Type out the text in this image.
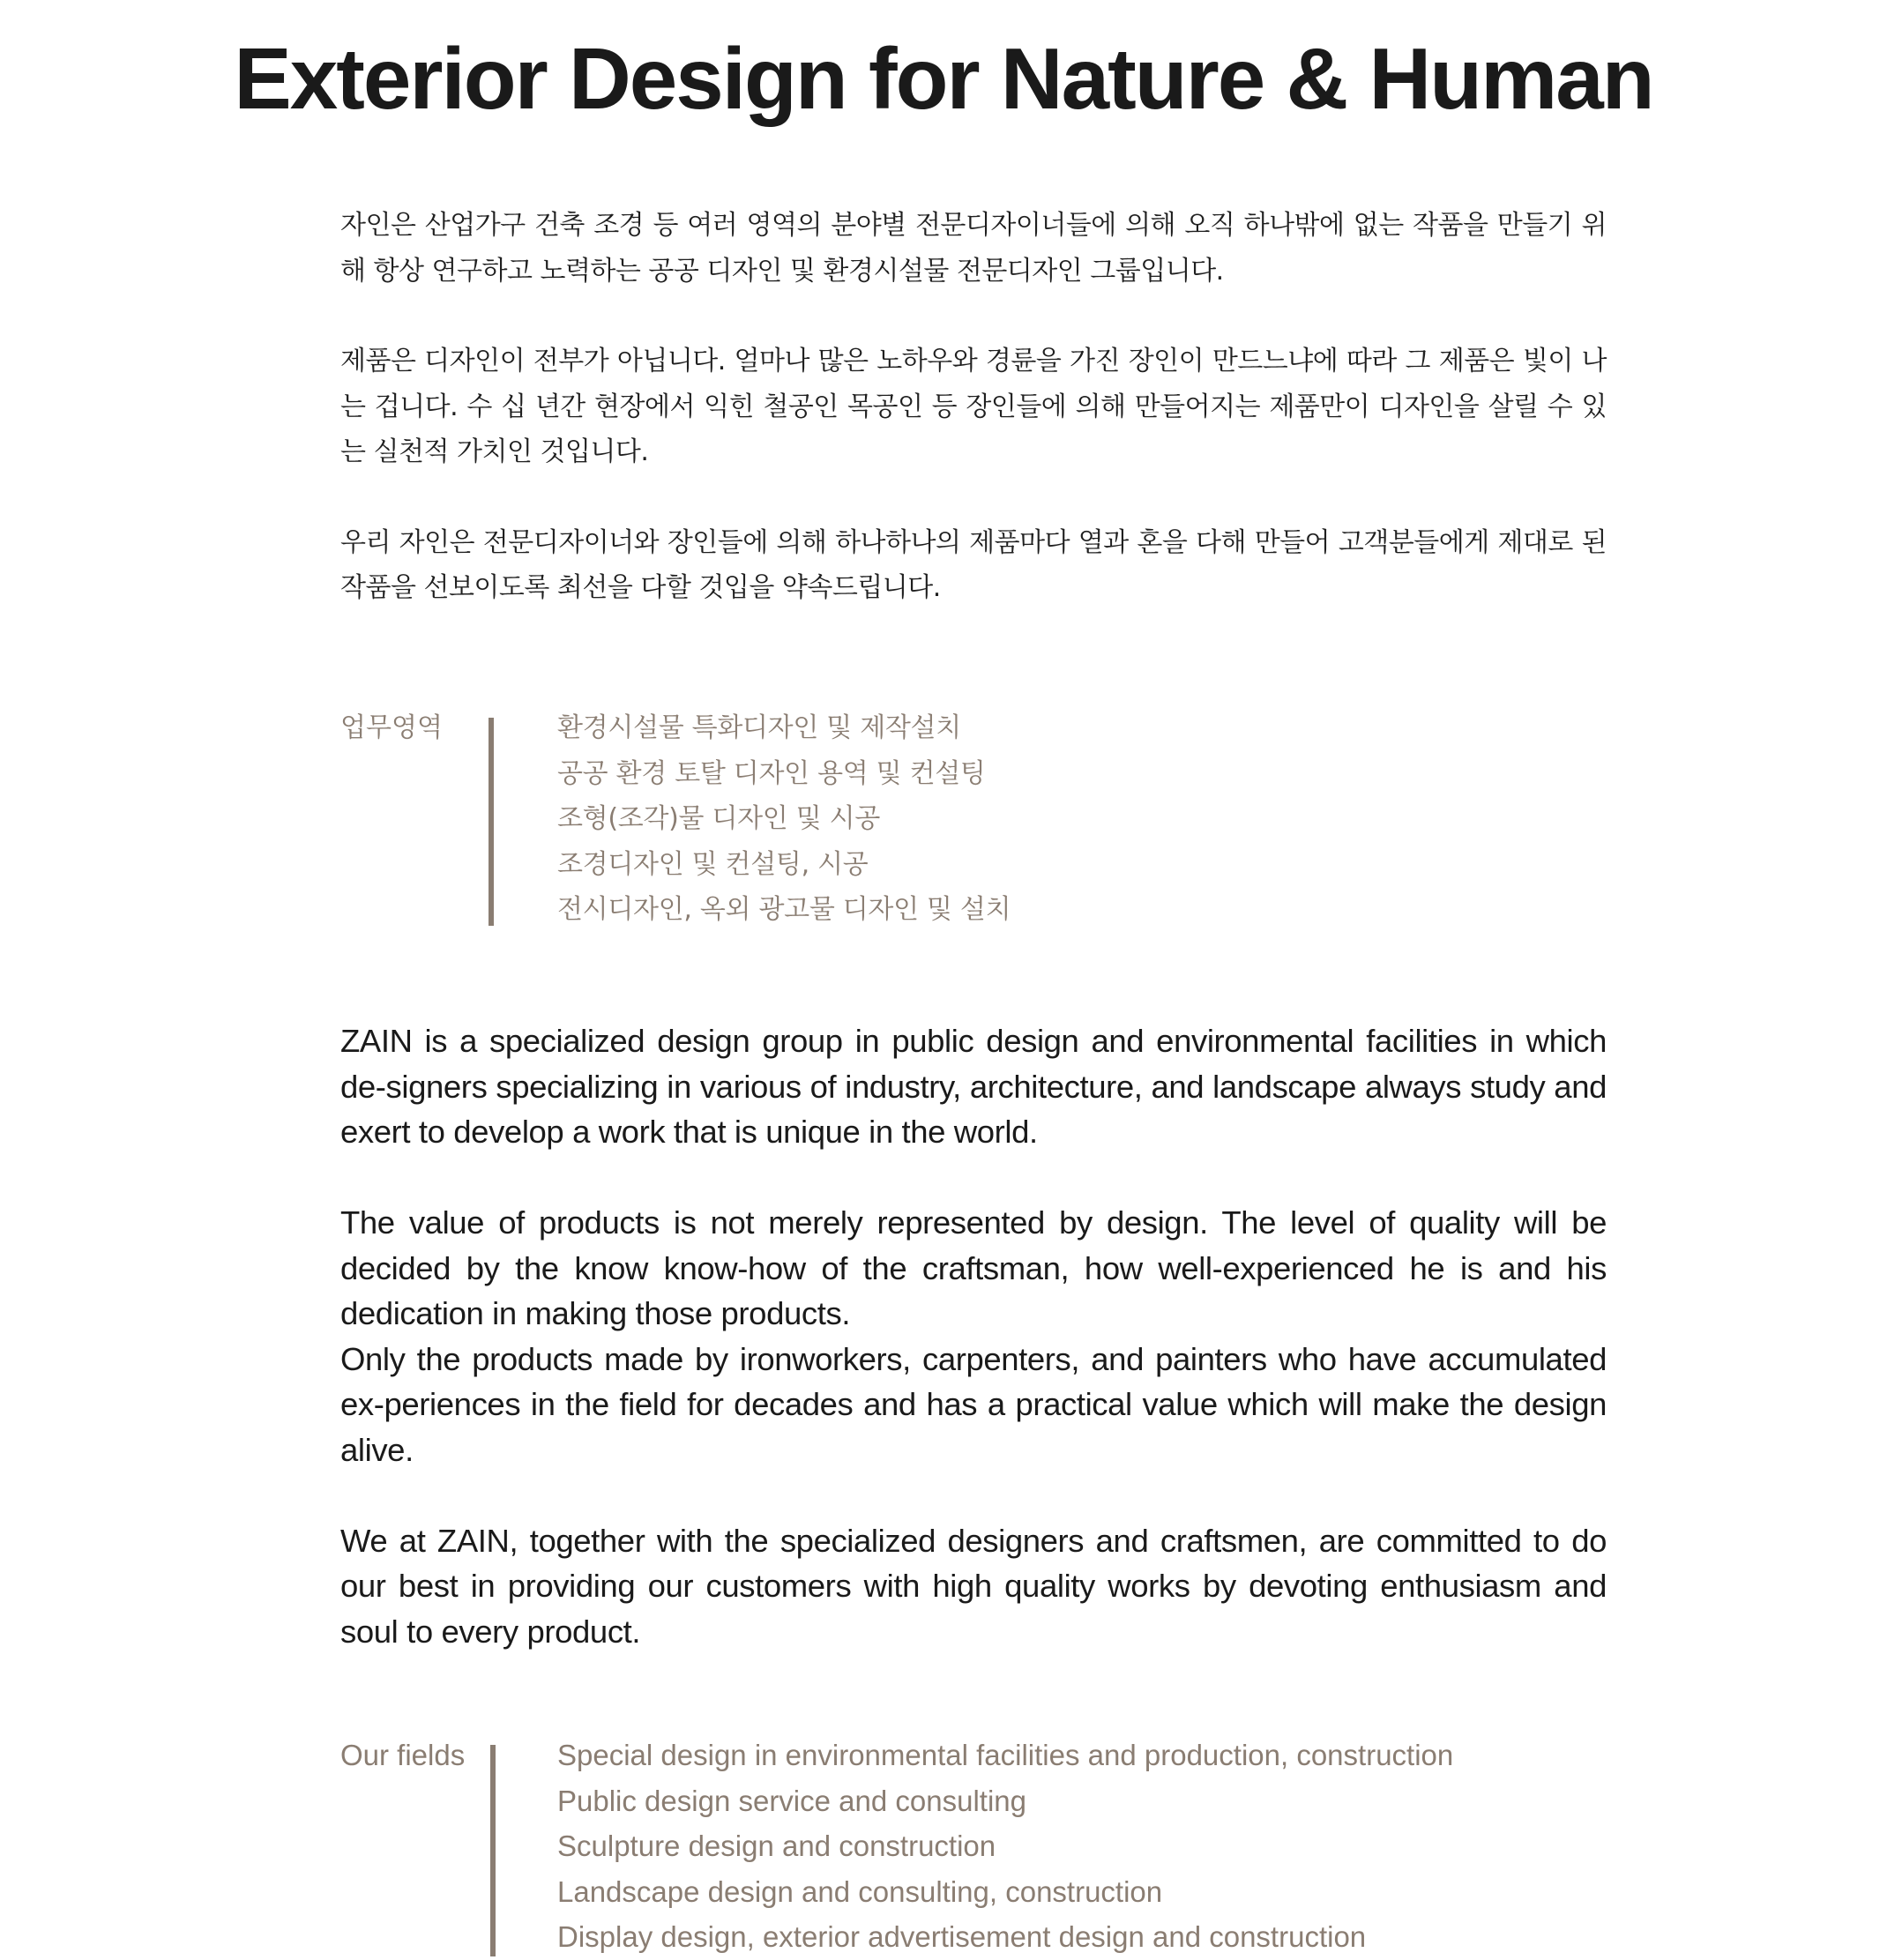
Exterior Design for Nature & Human

자인은 산업가구 건축 조경 등 여러 영역의 분야별 전문디자이너들에 의해 오직 하나밖에 없는 작품을 만들기 위해 항상 연구하고 노력하는 공공 디자인 및 환경시설물 전문디자인 그룹입니다.

제품은 디자인이 전부가 아닙니다. 얼마나 많은 노하우와 경륜을 가진 장인이 만드느냐에 따라 그 제품은 빛이 나는 겁니다. 수 십 년간 현장에서 익힌 철공인 목공인 등 장인들에 의해 만들어지는 제품만이 디자인을 살릴 수 있는 실천적 가치인 것입니다.

우리 자인은 전문디자이너와 장인들에 의해 하나하나의 제품마다 열과 혼을 다해 만들어 고객분들에게 제대로 된 작품을 선보이도록 최선을 다할 것입을 약속드립니다.

업무영역	환경시설물 특화디자인 및 제작설치
공공 환경 토탈 디자인 용역 및 컨설팅
조형(조각)물 디자인 및 시공
조경디자인 및 컨설팅, 시공
전시디자인, 옥외 광고물 디자인 및 설치

ZAIN is a specialized design group in public design and environmental facilities in which de-signers specializing in various of industry, architecture, and landscape always study and exert to develop a work that is unique in the world.

The value of products is not merely represented by design. The level of quality will be decided by the know know-how of the craftsman, how well-experienced he is and his dedication in making those products.

Only the products made by ironworkers, carpenters, and painters who have accumulated ex-periences in the field for decades and has a practical value which will make the design alive.

We at ZAIN, together with the specialized designers and craftsmen, are committed to do our best in providing our customers with high quality works by devoting enthusiasm and soul to every product.

Our fields	Special design in environmental facilities and production, construction
Public design service and consulting
Sculpture design and construction
Landscape design and consulting, construction
Display design, exterior advertisement design and construction
